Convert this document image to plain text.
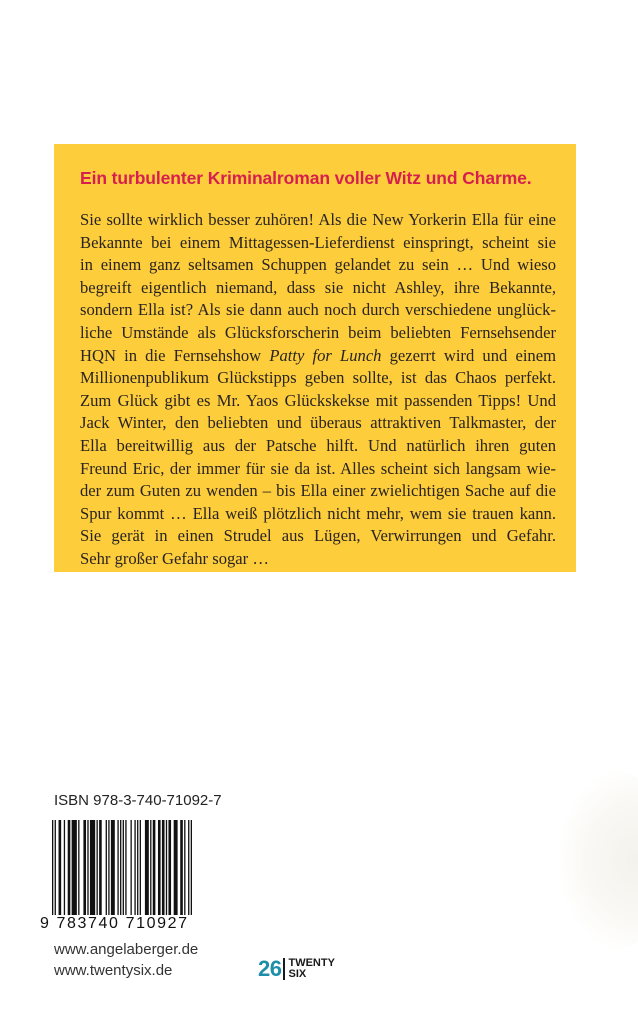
Ein turbulenter Kriminalroman voller Witz und Charme.
Sie sollte wirklich besser zuhören! Als die New Yorkerin Ella für eine
Bekannte bei einem Mittagessen-Lieferdienst einspringt, scheint sie
in einem ganz seltsamen Schuppen gelandet zu sein … Und wieso
begreift eigentlich niemand, dass sie nicht Ashley, ihre Bekannte,
sondern Ella ist? Als sie dann auch noch durch verschiedene unglück-
liche Umstände als Glücksforscherin beim beliebten Fernsehsender
HQN in die Fernsehshow Patty for Lunch gezerrt wird und einem
Millionenpublikum Glückstipps geben sollte, ist das Chaos perfekt.
Zum Glück gibt es Mr. Yaos Glückskekse mit passenden Tipps! Und
Jack Winter, den beliebten und überaus attraktiven Talkmaster, der
Ella bereitwillig aus der Patsche hilft. Und natürlich ihren guten
Freund Eric, der immer für sie da ist. Alles scheint sich langsam wie-
der zum Guten zu wenden – bis Ella einer zwielichtigen Sache auf die
Spur kommt … Ella weiß plötzlich nicht mehr, wem sie trauen kann.
Sie gerät in einen Strudel aus Lügen, Verwirrungen und Gefahr.
Sehr großer Gefahr sogar …
ISBN 978-3-740-71092-7
9 783740 710927
www.angelaberger.de
www.twentysix.de	26 TWENTY
SIX
